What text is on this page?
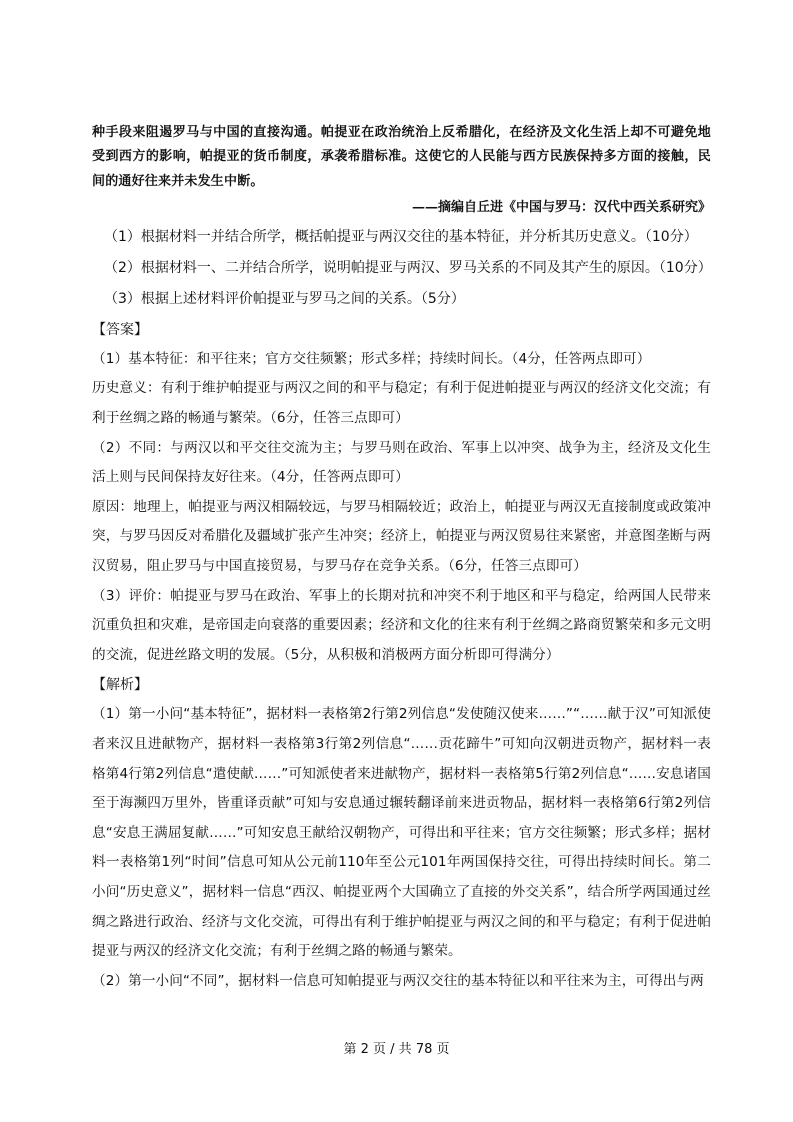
种手段来阻遏罗马与中国的直接沟通。帕提亚在政治统治上反希腊化，在经济及文化生活上却不可避免地受到西方的影响，帕提亚的货币制度，承袭希腊标准。这使它的人民能与西方民族保持多方面的接触，民间的通好往来并未发生中断。

——摘编自丘进《中国与罗马：汉代中西关系研究》

（1）根据材料一并结合所学，概括帕提亚与两汉交往的基本特征，并分析其历史意义。（10分）

（2）根据材料一、二并结合所学，说明帕提亚与两汉、罗马关系的不同及其产生的原因。（10分）

（3）根据上述材料评价帕提亚与罗马之间的关系。（5分）

【答案】

（1）基本特征：和平往来；官方交往频繁；形式多样；持续时间长。（4分，任答两点即可）

历史意义：有利于维护帕提亚与两汉之间的和平与稳定；有利于促进帕提亚与两汉的经济文化交流；有利于丝绸之路的畅通与繁荣。（6分，任答三点即可）

（2）不同：与两汉以和平交往交流为主；与罗马则在政治、军事上以冲突、战争为主，经济及文化生活上则与民间保持友好往来。（4分，任答两点即可）

原因：地理上，帕提亚与两汉相隔较远，与罗马相隔较近；政治上，帕提亚与两汉无直接制度或政策冲突，与罗马因反对希腊化及疆域扩张产生冲突；经济上，帕提亚与两汉贸易往来紧密，并意图垄断与两汉贸易，阻止罗马与中国直接贸易，与罗马存在竞争关系。（6分，任答三点即可）

（3）评价：帕提亚与罗马在政治、军事上的长期对抗和冲突不利于地区和平与稳定，给两国人民带来沉重负担和灾难，是帝国走向衰落的重要因素；经济和文化的往来有利于丝绸之路商贸繁荣和多元文明的交流，促进丝路文明的发展。（5分，从积极和消极两方面分析即可得满分）

【解析】

（1）第一小问“基本特征”，据材料一表格第2行第2列信息“发使随汉使来……”“……献于汉”可知派使者来汉且进献物产，据材料一表格第3行第2列信息“……贡花蹄牛”可知向汉朝进贡物产，据材料一表格第4行第2列信息“遣使献……”可知派使者来进献物产，据材料一表格第5行第2列信息“……安息诸国至于海濒四万里外，皆重译贡献”可知与安息通过辗转翻译前来进贡物品，据材料一表格第6行第2列信息“安息王满屈复献……”可知安息王献给汉朝物产，可得出和平往来；官方交往频繁；形式多样；据材料一表格第1列“时间”信息可知从公元前110年至公元101年两国保持交往，可得出持续时间长。第二小问“历史意义”，据材料一信息“西汉、帕提亚两个大国确立了直接的外交关系”，结合所学两国通过丝绸之路进行政治、经济与文化交流，可得出有利于维护帕提亚与两汉之间的和平与稳定；有利于促进帕提亚与两汉的经济文化交流；有利于丝绸之路的畅通与繁荣。

（2）第一小问“不同”，据材料一信息可知帕提亚与两汉交往的基本特征以和平往来为主，可得出与两

第 2 页 / 共 78 页
